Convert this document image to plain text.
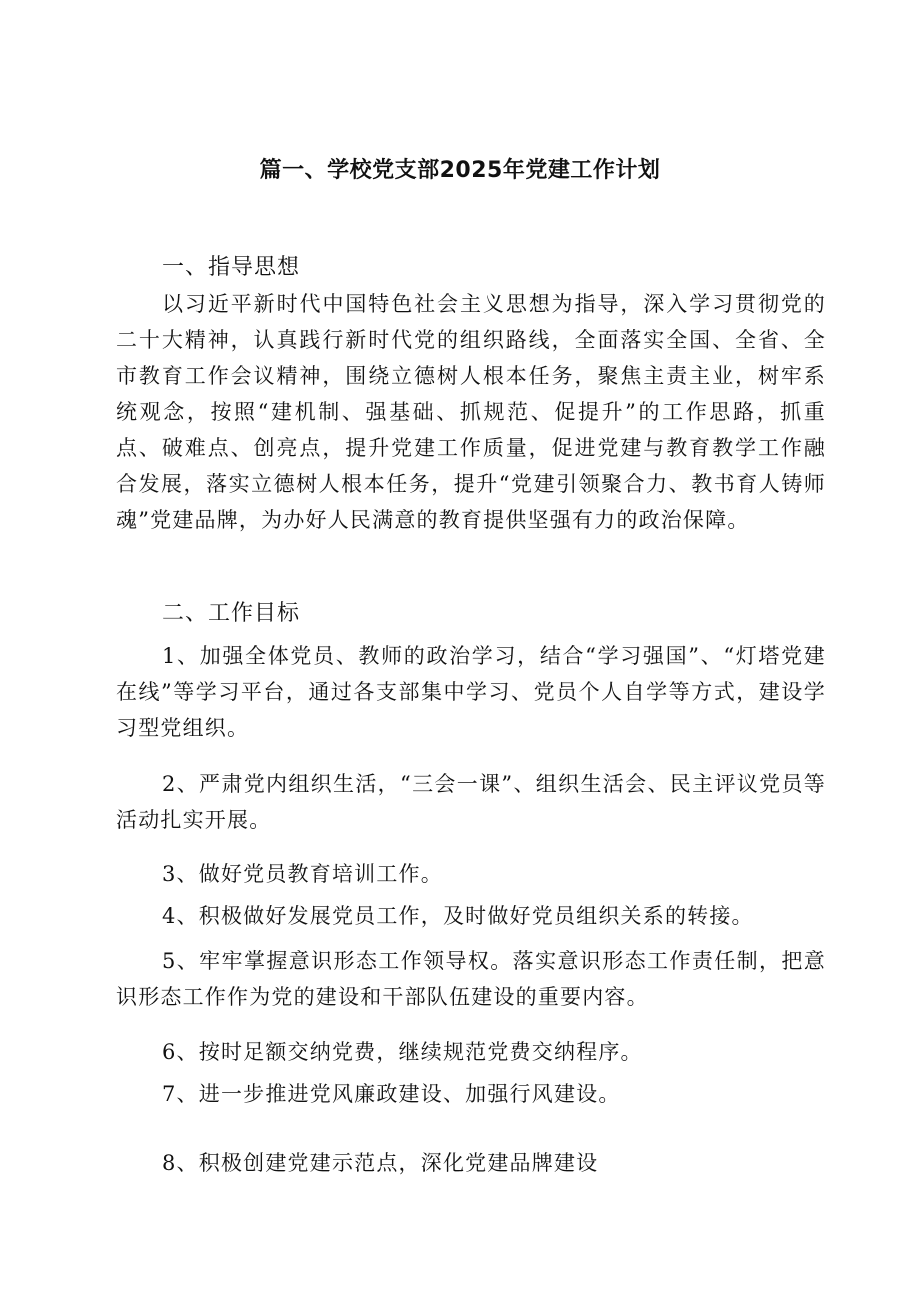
篇一、学校党支部2025年党建工作计划
一、指导思想

以习近平新时代中国特色社会主义思想为指导，深入学习贯彻党的二十大精神，认真践行新时代党的组织路线，全面落实全国、全省、全市教育工作会议精神，围绕立德树人根本任务，聚焦主责主业，树牢系统观念，按照“建机制、强基础、抓规范、促提升”的工作思路，抓重点、破难点、创亮点，提升党建工作质量，促进党建与教育教学工作融合发展，落实立德树人根本任务，提升“党建引领聚合力、教书育人铸师魂”党建品牌，为办好人民满意的教育提供坚强有力的政治保障。

二、工作目标

1、加强全体党员、教师的政治学习，结合“学习强国”、“灯塔党建在线”等学习平台，通过各支部集中学习、党员个人自学等方式，建设学习型党组织。

2、严肃党内组织生活，“三会一课”、组织生活会、民主评议党员等活动扎实开展。

3、做好党员教育培训工作。

4、积极做好发展党员工作，及时做好党员组织关系的转接。

5、牢牢掌握意识形态工作领导权。落实意识形态工作责任制，把意识形态工作作为党的建设和干部队伍建设的重要内容。

6、按时足额交纳党费，继续规范党费交纳程序。

7、进一步推进党风廉政建设、加强行风建设。

8、积极创建党建示范点，深化党建品牌建设
